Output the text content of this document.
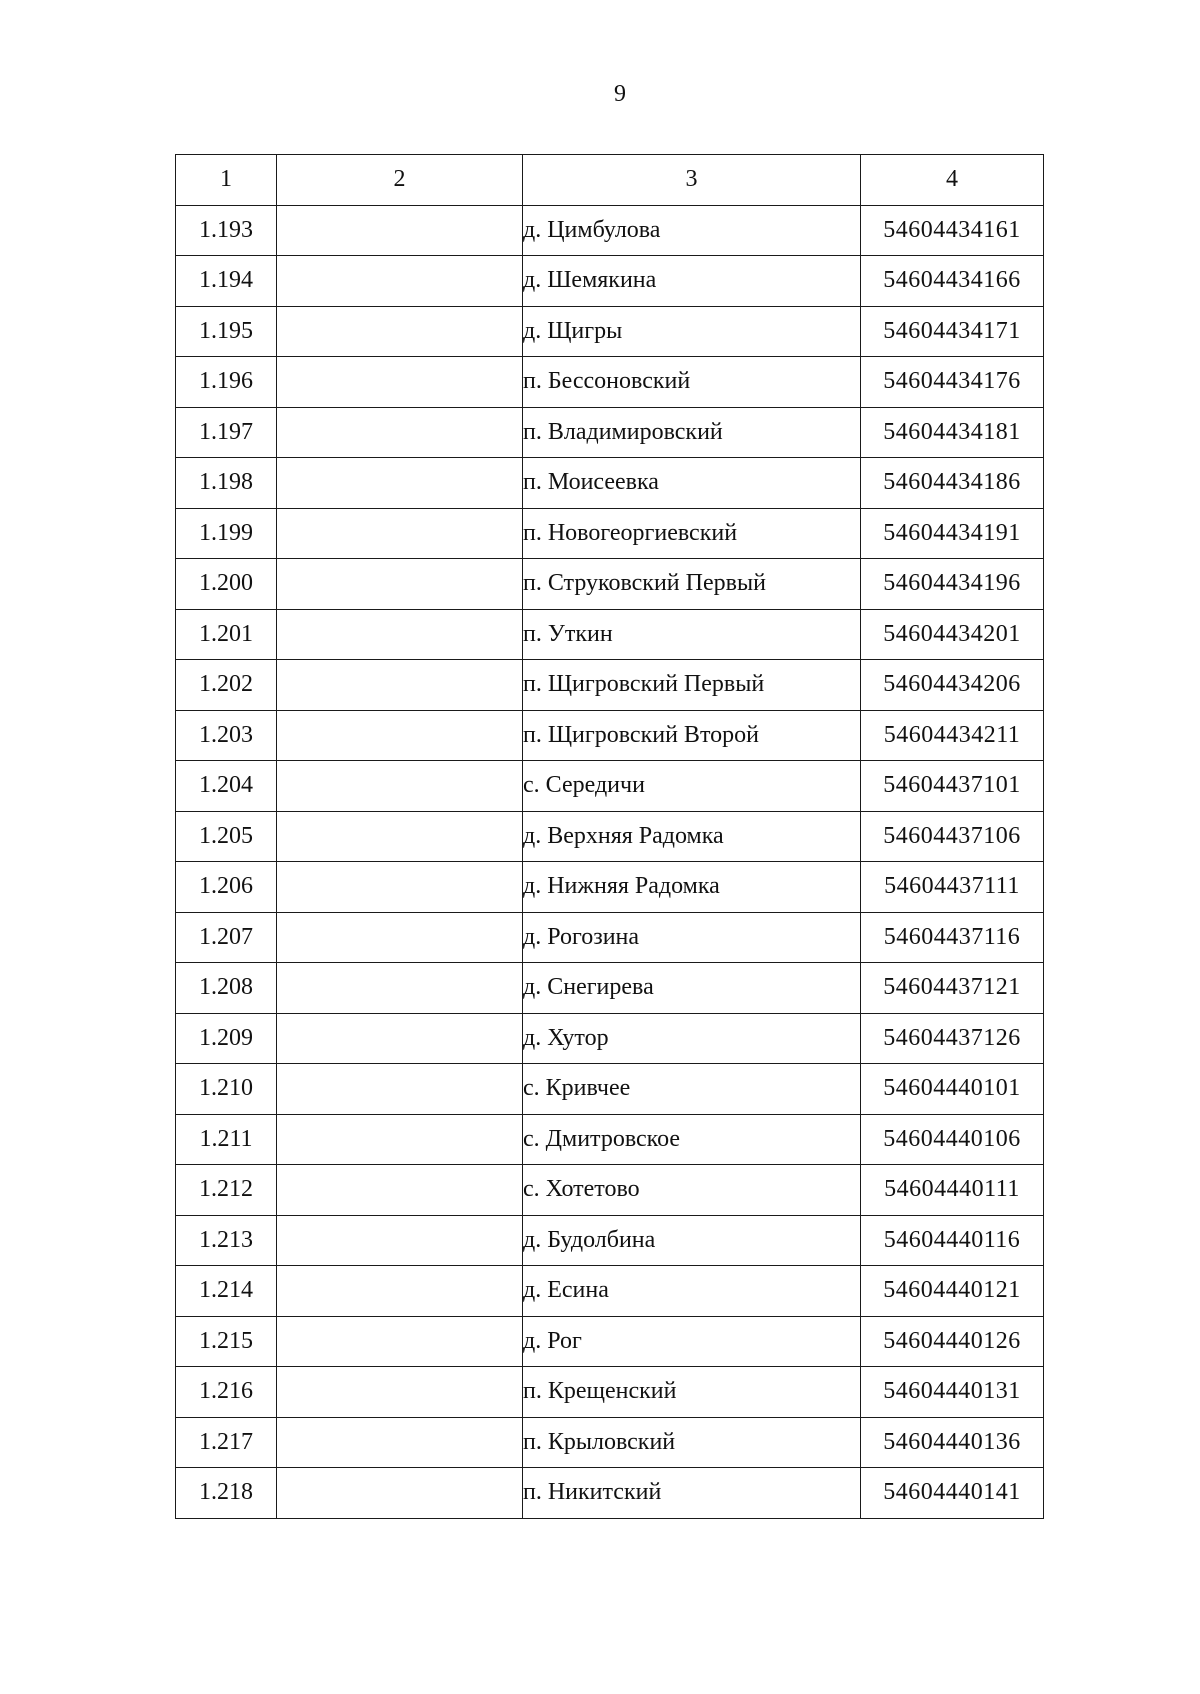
9
1	2	3	4
1.193		д. Цимбулова	54604434161
1.194		д. Шемякина	54604434166
1.195		д. Щигры	54604434171
1.196		п. Бессоновский	54604434176
1.197		п. Владимировский	54604434181
1.198		п. Моисеевка	54604434186
1.199		п. Новогеоргиевский	54604434191
1.200		п. Струковский Первый	54604434196
1.201		п. Уткин	54604434201
1.202		п. Щигровский Первый	54604434206
1.203		п. Щигровский Второй	54604434211
1.204		с. Середичи	54604437101
1.205		д. Верхняя Радомка	54604437106
1.206		д. Нижняя Радомка	54604437111
1.207		д. Рогозина	54604437116
1.208		д. Снегирева	54604437121
1.209		д. Хутор	54604437126
1.210		с. Кривчее	54604440101
1.211		с. Дмитровское	54604440106
1.212		с. Хотетово	54604440111
1.213		д. Будолбина	54604440116
1.214		д. Есина	54604440121
1.215		д. Рог	54604440126
1.216		п. Крещенский	54604440131
1.217		п. Крыловский	54604440136
1.218		п. Никитский	54604440141
